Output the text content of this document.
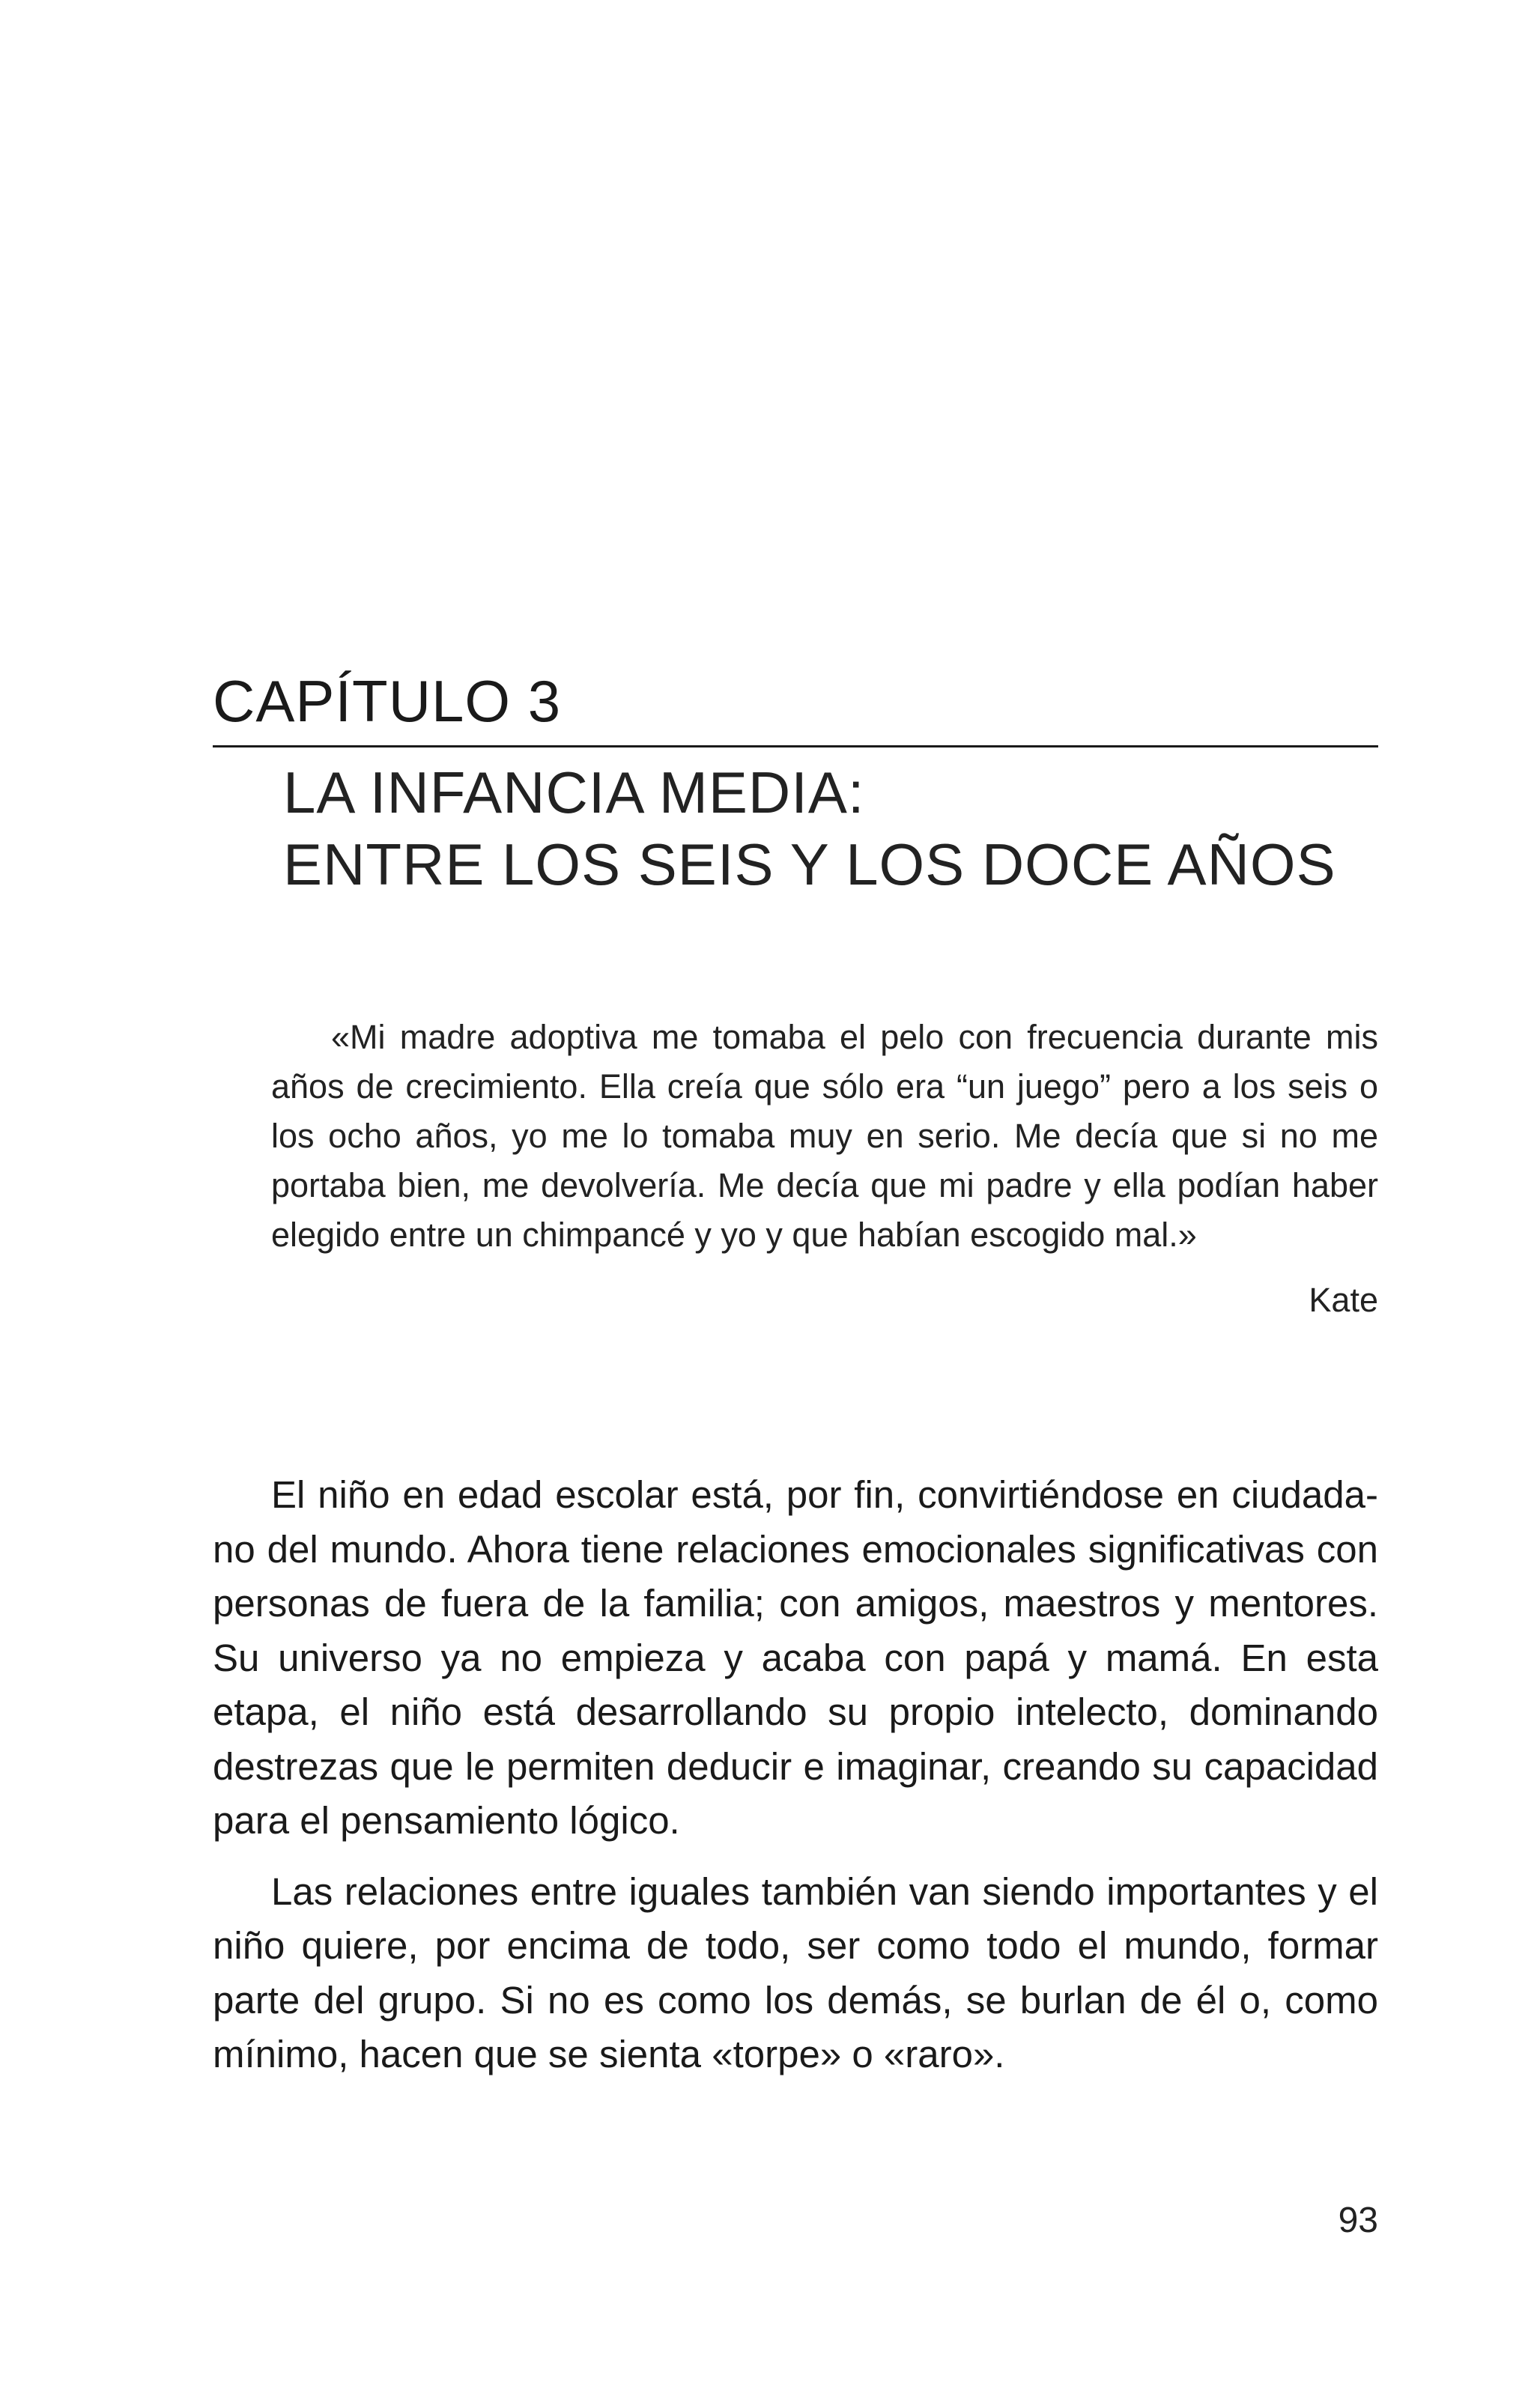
CAPÍTULO 3
LA INFANCIA MEDIA:
ENTRE LOS SEIS Y LOS DOCE AÑOS
«Mi madre adoptiva me tomaba el pelo con frecuencia durante mis años de crecimiento. Ella creía que sólo era “un juego” pero a los seis o los ocho años, yo me lo tomaba muy en serio. Me decía que si no me portaba bien, me devolvería. Me decía que mi padre y ella podían haber elegido entre un chimpancé y yo y que habían escogido mal.»
Kate

El niño en edad escolar está, por fin, convirtiéndose en ciudadano del mundo. Ahora tiene relaciones emocionales significativas con personas de fuera de la familia; con amigos, maestros y mentores. Su universo ya no empieza y acaba con papá y mamá. En esta etapa, el niño está desarrollando su propio intelecto, dominando destrezas que le permiten deducir e imaginar, creando su capacidad para el pensamiento lógico.

Las relaciones entre iguales también van siendo importantes y el niño quiere, por encima de todo, ser como todo el mundo, formar parte del grupo. Si no es como los demás, se burlan de él o, como mínimo, hacen que se sienta «torpe» o «raro».

93
